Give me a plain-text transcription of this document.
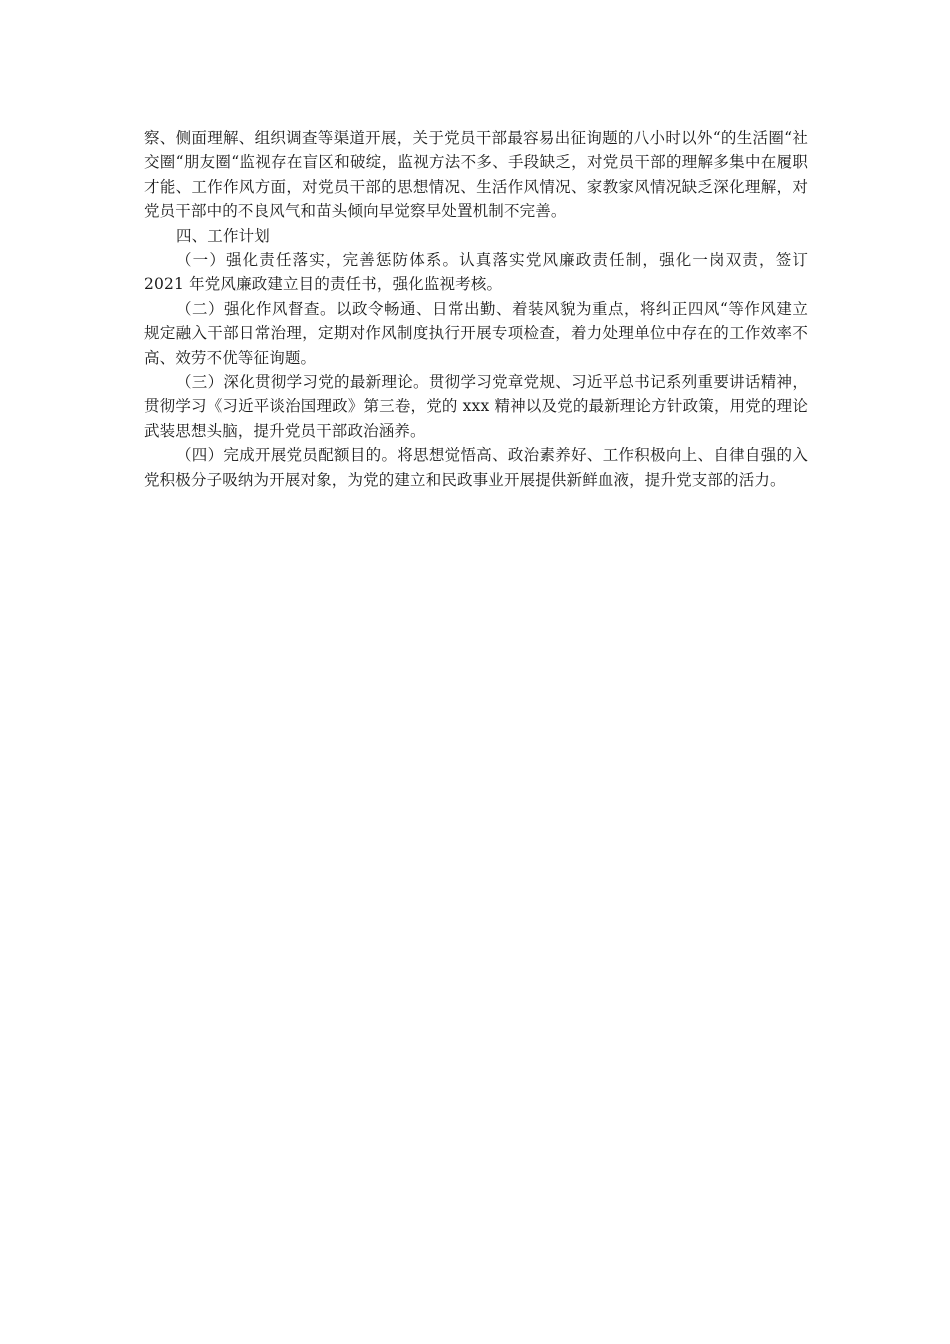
察、侧面理解、组织调查等渠道开展，关于党员干部最容易出征询题的八小时以外“的生活圈“社交圈“朋友圈“监视存在盲区和破绽，监视方法不多、手段缺乏，对党员干部的理解多集中在履职才能、工作作风方面，对党员干部的思想情况、生活作风情况、家教家风情况缺乏深化理解，对党员干部中的不良风气和苗头倾向早觉察早处置机制不完善。

四、工作计划

（一）强化责任落实，完善惩防体系。认真落实党风廉政责任制，强化一岗双责，签订 2021 年党风廉政建立目的责任书，强化监视考核。

（二）强化作风督查。以政令畅通、日常出勤、着装风貌为重点，将纠正四风“等作风建立规定融入干部日常治理，定期对作风制度执行开展专项检查，着力处理单位中存在的工作效率不高、效劳不优等征询题。

（三）深化贯彻学习党的最新理论。贯彻学习党章党规、习近平总书记系列重要讲话精神，贯彻学习《习近平谈治国理政》第三卷，党的 xxx 精神以及党的最新理论方针政策，用党的理论武装思想头脑，提升党员干部政治涵养。

（四）完成开展党员配额目的。将思想觉悟高、政治素养好、工作积极向上、自律自强的入党积极分子吸纳为开展对象，为党的建立和民政事业开展提供新鲜血液，提升党支部的活力。
